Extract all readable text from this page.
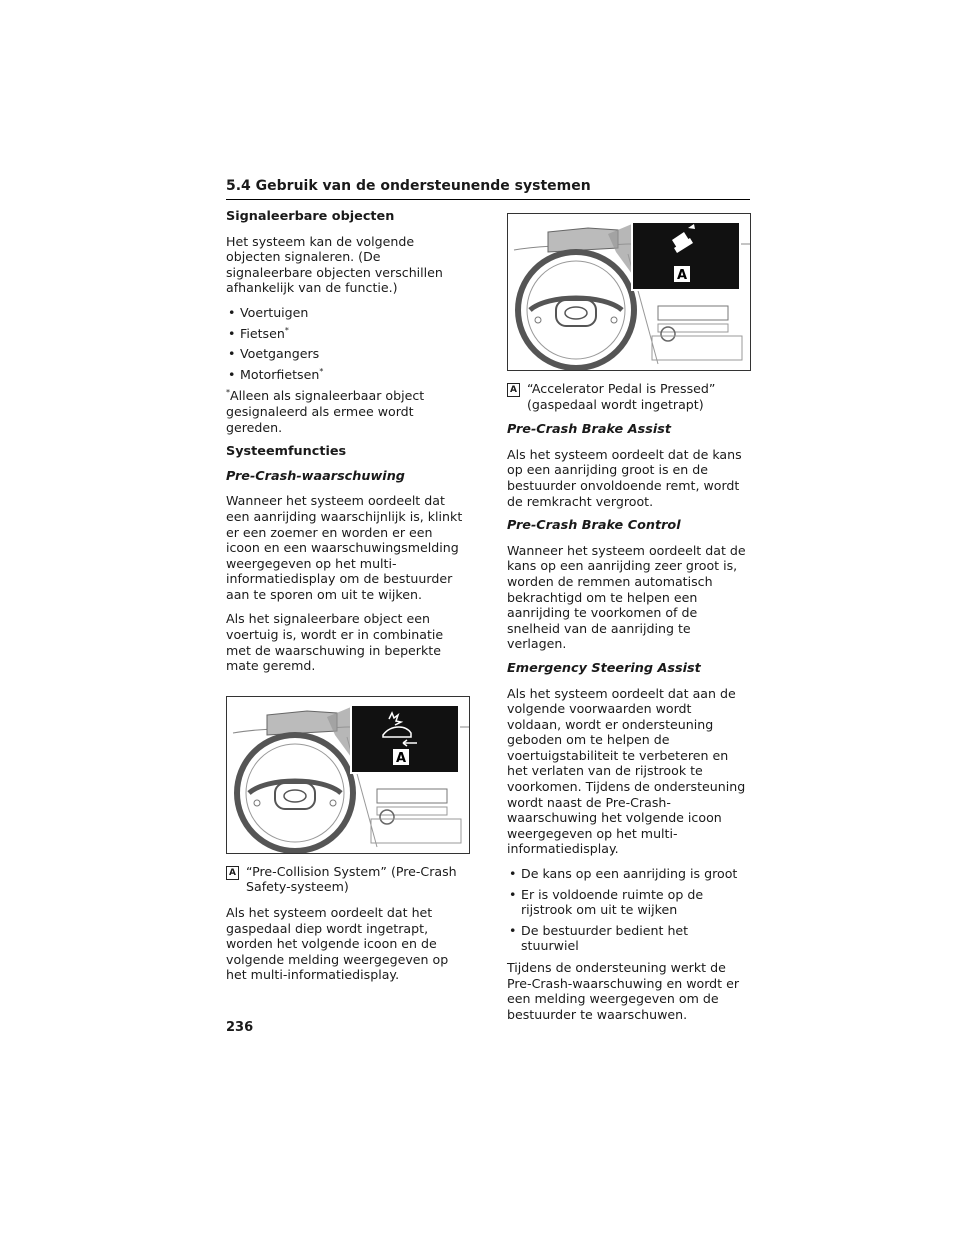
5.4 Gebruik van de ondersteunende systemen
Signaleerbare objecten

Het systeem kan de volgende objecten signaleren. (De signaleerbare objecten verschillen afhankelijk van de functie.)

• Voertuigen
• Fietsen*
• Voetgangers
• Motorfietsen*

*Alleen als signaleerbaar object gesignaleerd als ermee wordt gereden.

Systeemfuncties
Pre-Crash-waarschuwing

Wanneer het systeem oordeelt dat een aanrijding waarschijnlijk is, klinkt er een zoemer en worden er een icoon en een waarschuwingsmelding weergegeven op het multi-informatiedisplay om de bestuurder aan te sporen om uit te wijken.

Als het signaleerbare object een voertuig is, wordt er in combinatie met de waarschuwing in beperkte mate geremd.

A
A “Pre-Collision System” (Pre-Crash Safety-systeem)

Als het systeem oordeelt dat het gaspedaal diep wordt ingetrapt, worden het volgende icoon en de volgende melding weergegeven op het multi-informatiedisplay.

A
A “Accelerator Pedal is Pressed” (gaspedaal wordt ingetrapt)
Pre-Crash Brake Assist

Als het systeem oordeelt dat de kans op een aanrijding groot is en de bestuurder onvoldoende remt, wordt de remkracht vergroot.

Pre-Crash Brake Control

Wanneer het systeem oordeelt dat de kans op een aanrijding zeer groot is, worden de remmen automatisch bekrachtigd om te helpen een aanrijding te voorkomen of de snelheid van de aanrijding te verlagen.

Emergency Steering Assist

Als het systeem oordeelt dat aan de volgende voorwaarden wordt voldaan, wordt er ondersteuning geboden om te helpen de voertuigstabiliteit te verbeteren en het verlaten van de rijstrook te voorkomen. Tijdens de ondersteuning wordt naast de Pre-Crash-waarschuwing het volgende icoon weergegeven op het multi-informatiedisplay.

• De kans op een aanrijding is groot
• Er is voldoende ruimte op de rijstrook om uit te wijken
• De bestuurder bedient het stuurwiel

Tijdens de ondersteuning werkt de Pre-Crash-waarschuwing en wordt er een melding weergegeven om de bestuurder te waarschuwen.

236
